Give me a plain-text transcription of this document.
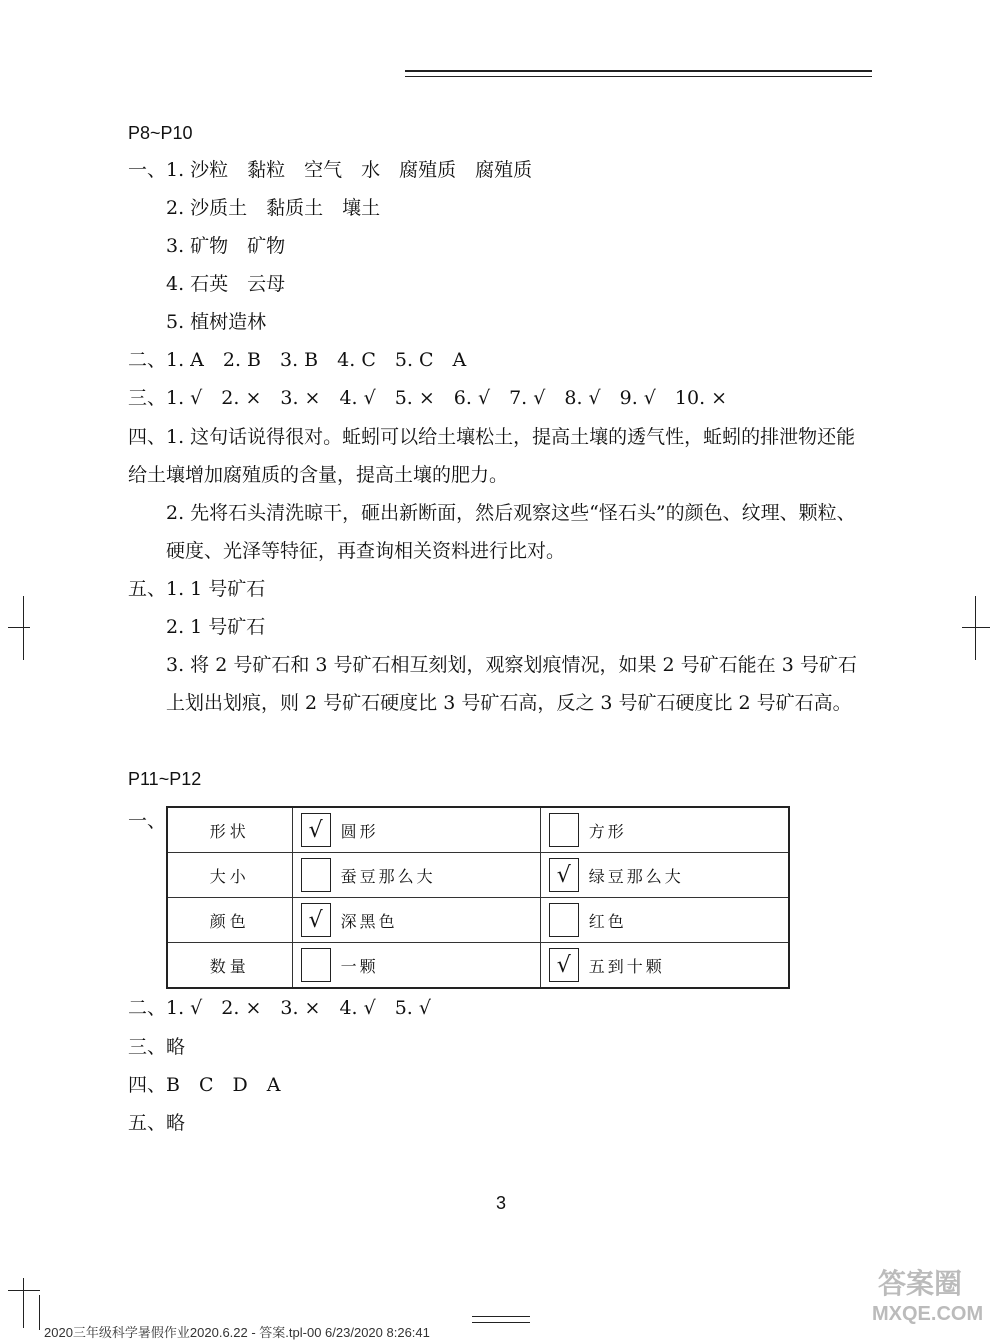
P8~P10
一、1. 沙粒　黏粒　空气　水　腐殖质　腐殖质
2. 沙质土　黏质土　壤土
3. 矿物　矿物
4. 石英　云母
5. 植树造林
二、1. A　2. B　3. B　4. C　5. C　A
三、1. √　2. ×　3. ×　4. √　5. ×　6. √　7. √　8. √　9. √　10. ×
四、1. 这句话说得很对。蚯蚓可以给土壤松土，提高土壤的透气性，蚯蚓的排泄物还能给土壤增加腐殖质的含量，提高土壤的肥力。
2. 先将石头清洗晾干，砸出新断面，然后观察这些“怪石头”的颜色、纹理、颗粒、硬度、光泽等特征，再查询相关资料进行比对。
五、1. 1 号矿石
2. 1 号矿石
3. 将 2 号矿石和 3 号矿石相互刻划，观察划痕情况，如果 2 号矿石能在 3 号矿石上划出划痕，则 2 号矿石硬度比 3 号矿石高，反之 3 号矿石硬度比 2 号矿石高。
P11~P12
一、	形状	√ 圆形	方形
大小	蚕豆那么大	√ 绿豆那么大
颜色	√ 深黑色	红色
数量	一颗	√ 五到十颗
二、1. √　2. ×　3. ×　4. √　5. √
三、略
四、B　C　D　A
五、略
3
2020三年级科学暑假作业2020.6.22 - 答案.tpl-00 6/23/2020 8:26:41
答案圈
MXQE.COM
